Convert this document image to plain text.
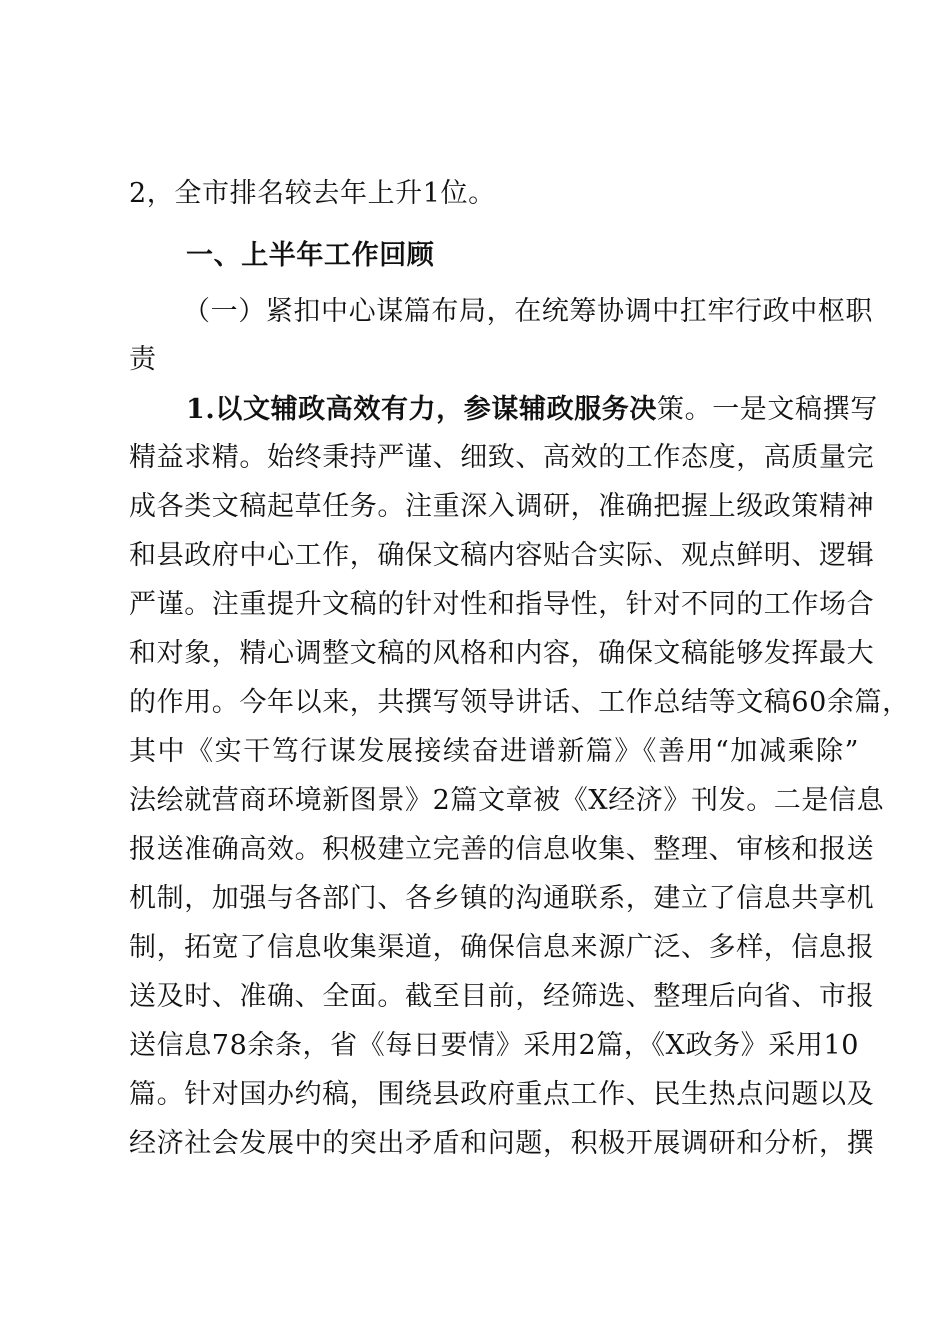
2，全市排名较去年上升1位。
一、上半年工作回顾
（一）紧扣中心谋篇布局，在统筹协调中扛牢行政中枢职
责
1.以文辅政高效有力，参谋辅政服务决策。一是文稿撰写
精益求精。始终秉持严谨、细致、高效的工作态度，高质量完
成各类文稿起草任务。注重深入调研，准确把握上级政策精神
和县政府中心工作，确保文稿内容贴合实际、观点鲜明、逻辑
严谨。注重提升文稿的针对性和指导性，针对不同的工作场合
和对象，精心调整文稿的风格和内容，确保文稿能够发挥最大
的作用。今年以来，共撰写领导讲话、工作总结等文稿60余篇，
其中《实干笃行谋发展接续奋进谱新篇》《善用“加减乘除”
法绘就营商环境新图景》2篇文章被《X经济》刊发。二是信息
报送准确高效。积极建立完善的信息收集、整理、审核和报送
机制，加强与各部门、各乡镇的沟通联系，建立了信息共享机
制，拓宽了信息收集渠道，确保信息来源广泛、多样，信息报
送及时、准确、全面。截至目前，经筛选、整理后向省、市报
送信息78余条，省《每日要情》采用2篇，《X政务》采用10
篇。针对国办约稿，围绕县政府重点工作、民生热点问题以及
经济社会发展中的突出矛盾和问题，积极开展调研和分析，撰
